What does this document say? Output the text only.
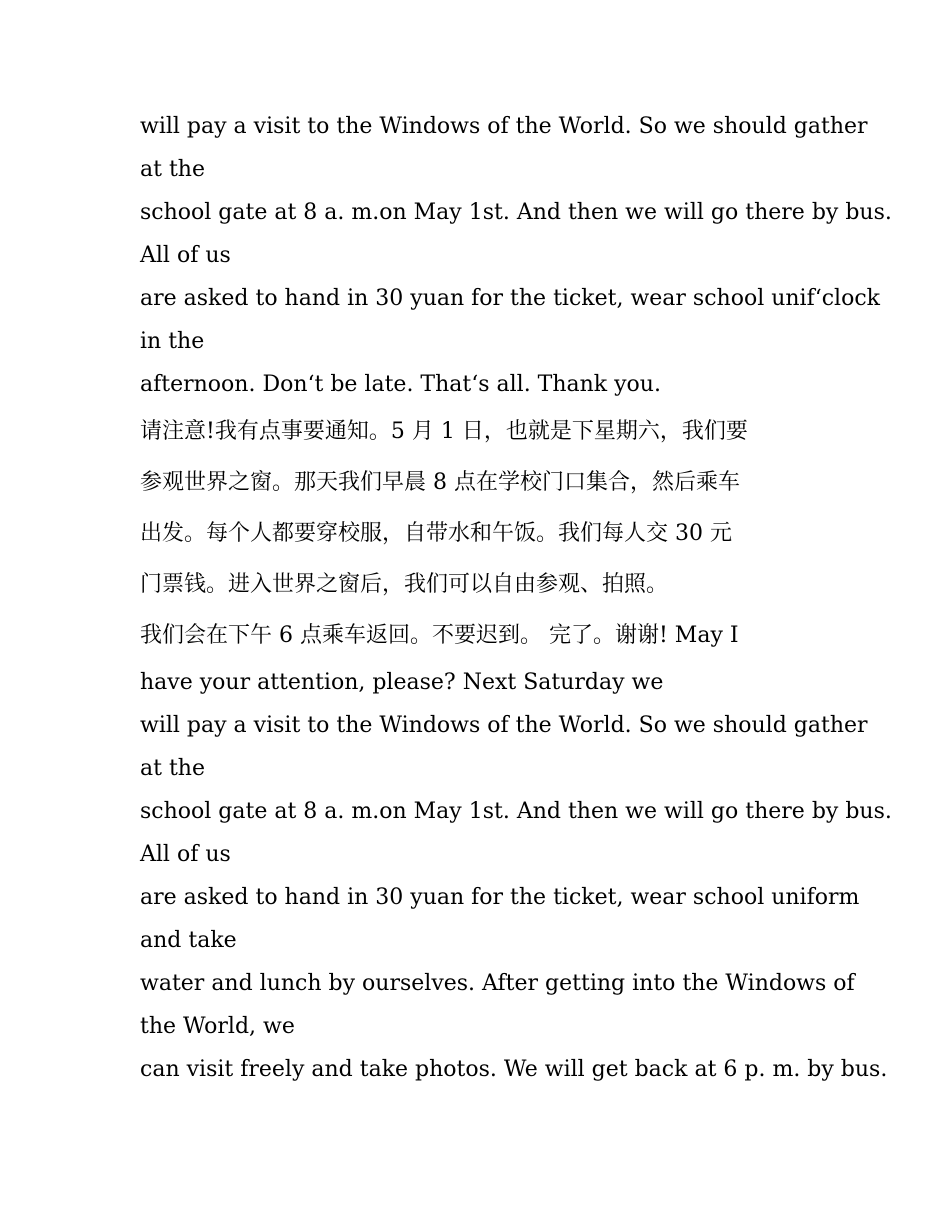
will pay a visit to the Windows of the World. So we should gather

at the

school gate at 8 a. m.on May 1st. And then we will go there by bus.

All of us

are asked to hand in 30 yuan for the ticket, wear school unif‘clock

in the

afternoon. Don‘t be late. That‘s all. Thank you.

请注意!我有点事要通知。5 月 1 日，也就是下星期六，我们要

参观世界之窗。那天我们早晨 8 点在学校门口集合，然后乘车

出发。每个人都要穿校服，自带水和午饭。我们每人交 30 元

门票钱。进入世界之窗后，我们可以自由参观、拍照。

我们会在下午 6 点乘车返回。不要迟到。 完了。谢谢! May I

have your attention, please? Next Saturday we

will pay a visit to the Windows of the World. So we should gather

at the

school gate at 8 a. m.on May 1st. And then we will go there by bus.

All of us

are asked to hand in 30 yuan for the ticket, wear school uniform

and take

water and lunch by ourselves. After getting into the Windows of

the World, we

can visit freely and take photos. We will get back at 6 p. m. by bus.
